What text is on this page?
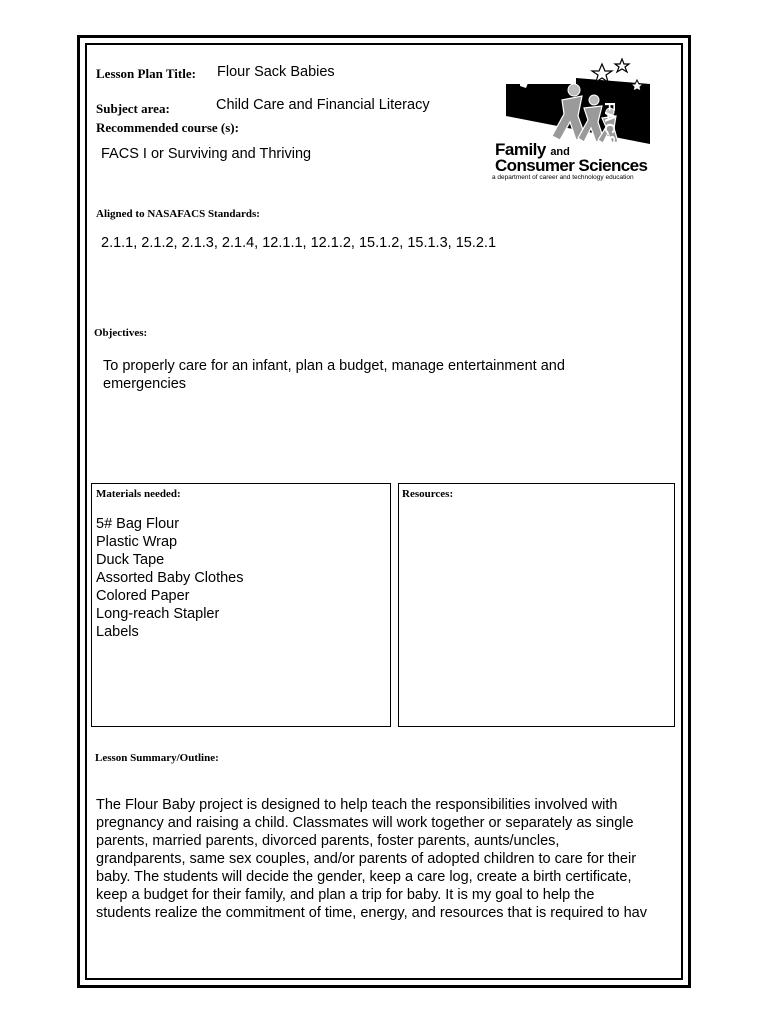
Lesson Plan Title: Flour Sack Babies
Subject area:	Child Care and Financial Literacy
Recommended course (s):
FACS I or Surviving and Thriving
FACS
Family and
Consumer Sciences
a department of career and technology education
Aligned to NASAFACS Standards:
2.1.1, 2.1.2, 2.1.3, 2.1.4, 12.1.1, 12.1.2, 15.1.2, 15.1.3, 15.2.1
Objectives:
To properly care for an infant, plan a budget, manage entertainment and
emergencies
Materials needed:
5# Bag Flour
Plastic Wrap
Duck Tape
Assorted Baby Clothes
Colored Paper
Long-reach Stapler
Labels
Resources:
Lesson Summary/Outline:
The Flour Baby project is designed to help teach the responsibilities involved with
pregnancy and raising a child. Classmates will work together or separately as single
parents, married parents, divorced parents, foster parents, aunts/uncles,
grandparents, same sex couples, and/or parents of adopted children to care for their
baby. The students will decide the gender, keep a care log, create a birth certificate,
keep a budget for their family, and plan a trip for baby. It is my goal to help the
students realize the commitment of time, energy, and resources that is required to hav
